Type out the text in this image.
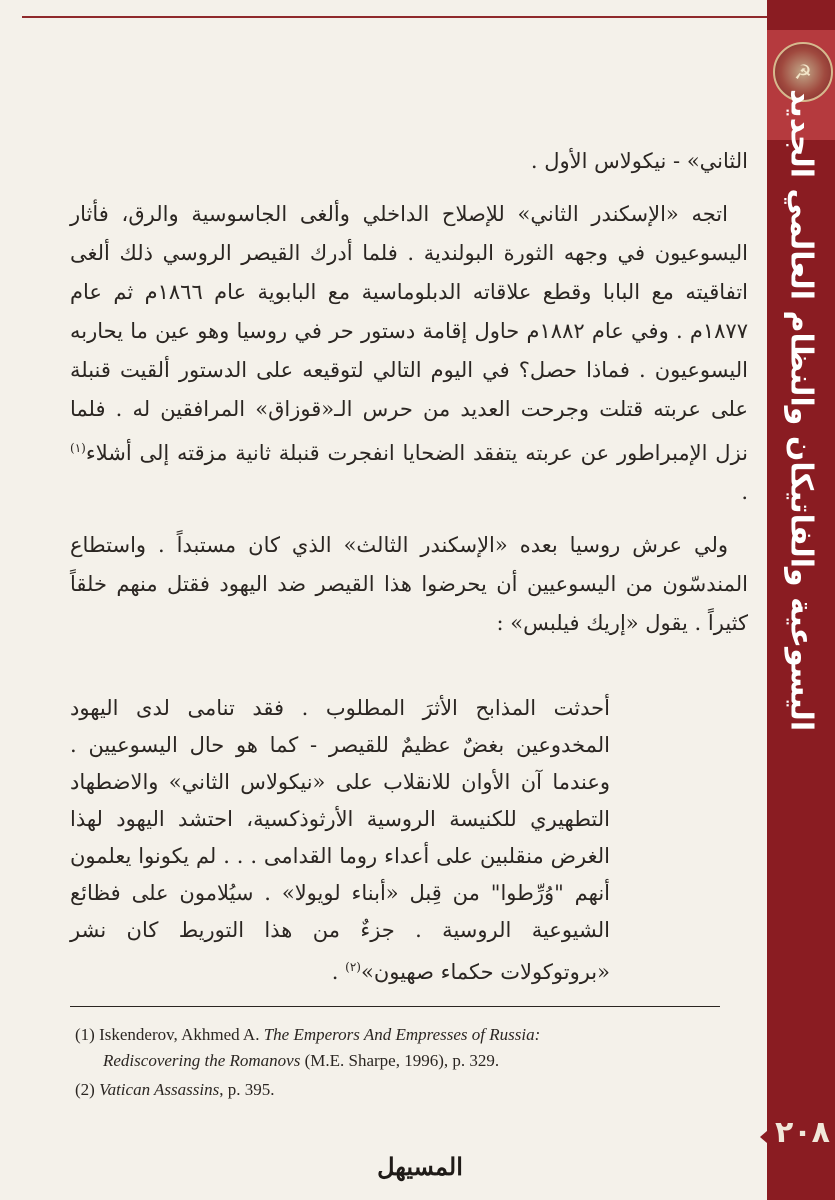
☭
اليسوعية والفاتيكان والنظام العالمي الجديد
٢٠٨

الثاني» - نيكولاس الأول .

اتجه «الإسكندر الثاني» للإصلاح الداخلي وألغى الجاسوسية والرق، فأثار اليسوعيون في وجهه الثورة البولندية . فلما أدرك القيصر الروسي ذلك ألغى اتفاقيته مع البابا وقطع علاقاته الدبلوماسية مع البابوية عام ١٨٦٦م ثم عام ١٨٧٧م . وفي عام ١٨٨٢م حاول إقامة دستور حر في روسيا وهو عين ما يحاربه اليسوعيون . فماذا حصل؟ في اليوم التالي لتوقيعه على الدستور ألقيت قنبلة على عربته قتلت وجرحت العديد من حرس الـ«قوزاق» المرافقين له . فلما نزل الإمبراطور عن عربته يتفقد الضحايا انفجرت قنبلة ثانية مزقته إلى أشلاء$^{(١)}$ .

ولي عرش روسيا بعده «الإسكندر الثالث» الذي كان مستبداً . واستطاع المندسّون من اليسوعيين أن يحرضوا هذا القيصر ضد اليهود فقتل منهم خلقاً كثيراً . يقول «إريك فيلبس» :

أحدثت المذابح الأثرَ المطلوب . فقد تنامى لدى اليهود المخدوعين بغضٌ عظيمٌ للقيصر - كما هو حال اليسوعيين . وعندما آن الأوان للانقلاب على «نيكولاس الثاني» والاضطهاد التطهيري للكنيسة الروسية الأرثوذكسية، احتشد اليهود لهذا الغرض منقلبين على أعداء روما القدامى . . . لم يكونوا يعلمون أنهم "وُرِّطوا" من قِبل «أبناء لويولا» . سيُلامون على فظائع الشيوعية الروسية . جزءٌ من هذا التوريط كان نشر «بروتوكولات حكماء صهيون»$^{(٢)}$ .

(1) Iskenderov, Akhmed A. The Emperors And Empresses of Russia:
Rediscovering the Romanovs (M.E. Sharpe, 1996), p. 329.

(2) Vatican Assassins, p. 395.

المسيهل
